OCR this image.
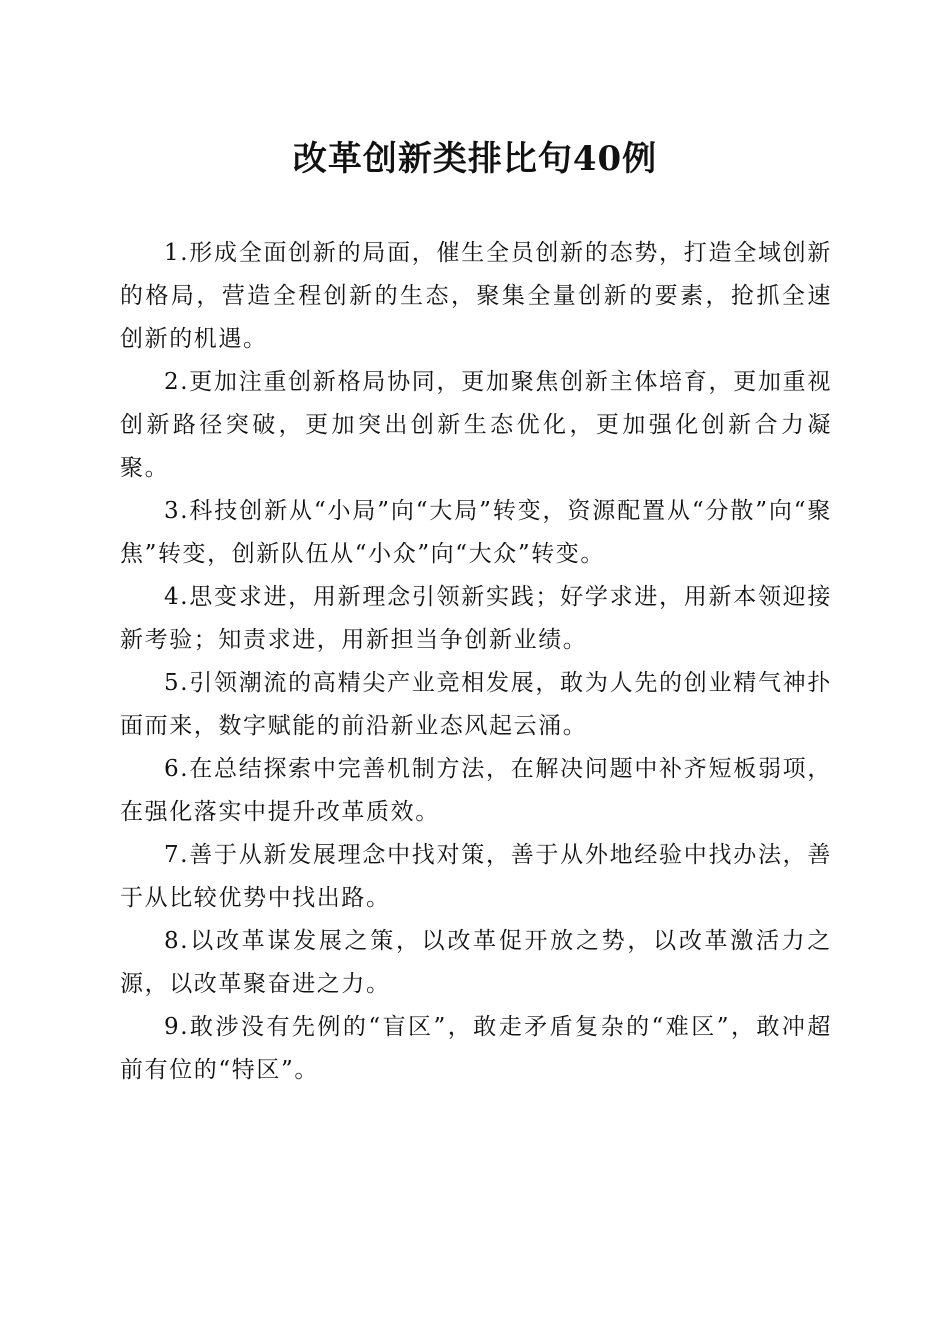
改革创新类排比句40例

1.形成全面创新的局面，催生全员创新的态势，打造全域创新的格局，营造全程创新的生态，聚集全量创新的要素，抢抓全速创新的机遇。

2.更加注重创新格局协同，更加聚焦创新主体培育，更加重视创新路径突破，更加突出创新生态优化，更加强化创新合力凝聚。

3.科技创新从“小局”向“大局”转变，资源配置从“分散”向“聚焦”转变，创新队伍从“小众”向“大众”转变。

4.思变求进，用新理念引领新实践；好学求进，用新本领迎接新考验；知责求进，用新担当争创新业绩。

5.引领潮流的高精尖产业竞相发展，敢为人先的创业精气神扑面而来，数字赋能的前沿新业态风起云涌。

6.在总结探索中完善机制方法，在解决问题中补齐短板弱项，在强化落实中提升改革质效。

7.善于从新发展理念中找对策，善于从外地经验中找办法，善于从比较优势中找出路。

8.以改革谋发展之策，以改革促开放之势，以改革激活力之源，以改革聚奋进之力。

9.敢涉没有先例的“盲区”，敢走矛盾复杂的“难区”，敢冲超前有位的“特区”。
